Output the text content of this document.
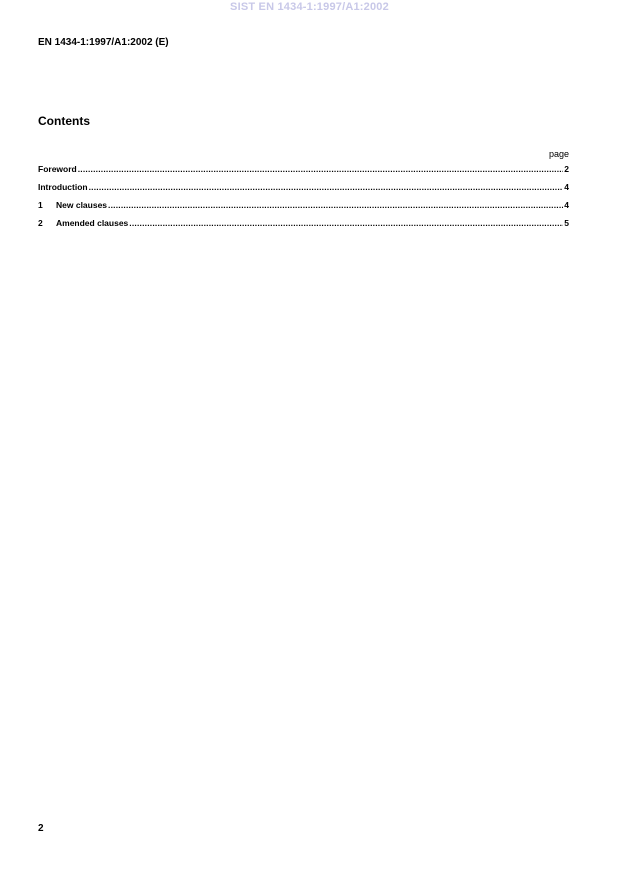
SIST EN 1434-1:1997/A1:2002
EN 1434-1:1997/A1:2002 (E)
Contents
page
Foreword .....	2
Introduction .....	4
1	New clauses .....	4
2	Amended clauses .....	5
2
